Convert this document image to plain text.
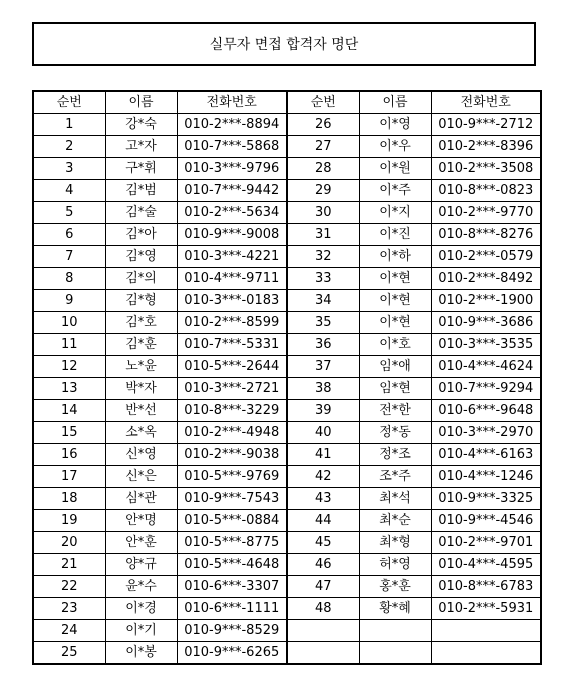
실무자 면접 합격자 명단
순번	이름	전화번호	순번	이름	전화번호
1	강*숙	010-2***-8894	26	이*영	010-9***-2712
2	고*자	010-7***-5868	27	이*우	010-2***-8396
3	구*휘	010-3***-9796	28	이*원	010-2***-3508
4	김*범	010-7***-9442	29	이*주	010-8***-0823
5	김*술	010-2***-5634	30	이*지	010-2***-9770
6	김*아	010-9***-9008	31	이*진	010-8***-8276
7	김*영	010-3***-4221	32	이*하	010-2***-0579
8	김*의	010-4***-9711	33	이*현	010-2***-8492
9	김*형	010-3***-0183	34	이*현	010-2***-1900
10	김*호	010-2***-8599	35	이*현	010-9***-3686
11	김*훈	010-7***-5331	36	이*호	010-3***-3535
12	노*윤	010-5***-2644	37	임*애	010-4***-4624
13	박*자	010-3***-2721	38	임*현	010-7***-9294
14	반*선	010-8***-3229	39	전*한	010-6***-9648
15	소*옥	010-2***-4948	40	정*동	010-3***-2970
16	신*영	010-2***-9038	41	정*조	010-4***-6163
17	신*은	010-5***-9769	42	조*주	010-4***-1246
18	심*관	010-9***-7543	43	최*석	010-9***-3325
19	안*명	010-5***-0884	44	최*순	010-9***-4546
20	안*훈	010-5***-8775	45	최*형	010-2***-9701
21	양*규	010-5***-4648	46	허*영	010-4***-4595
22	윤*수	010-6***-3307	47	홍*훈	010-8***-6783
23	이*경	010-6***-1111	48	황*혜	010-2***-5931
24	이*기	010-9***-8529			
25	이*봉	010-9***-6265			
